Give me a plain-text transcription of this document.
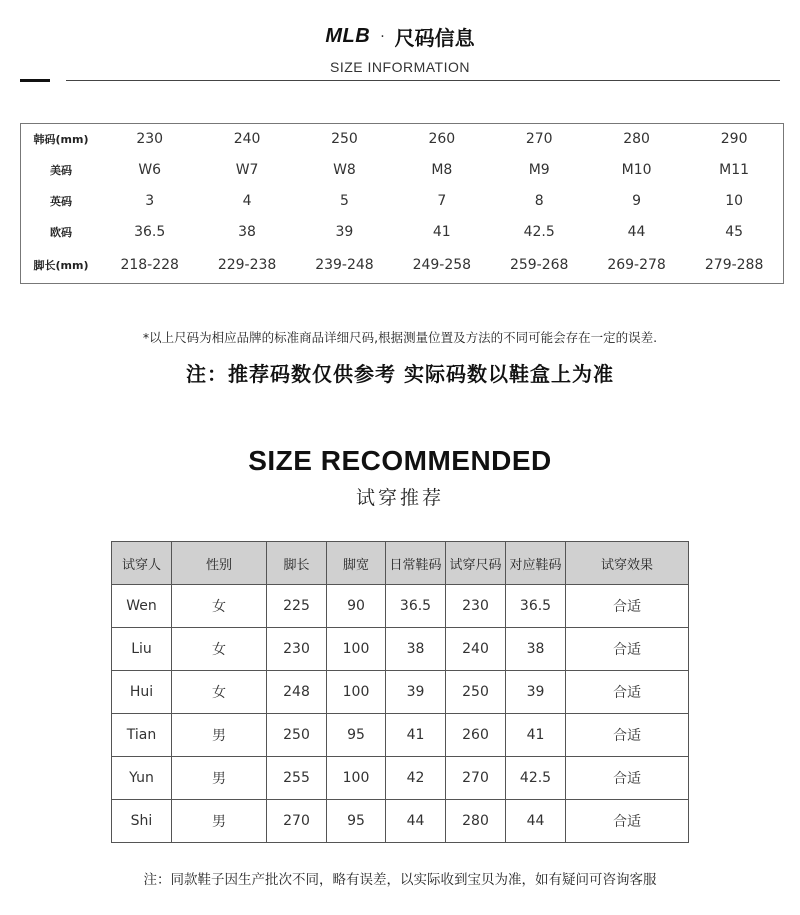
MLB · 尺码信息
SIZE INFORMATION
韩码(mm)	230	240	250	260	270	280	290
美码	W6	W7	W8	M8	M9	M10	M11
英码	3	4	5	7	8	9	10
欧码	36.5	38	39	41	42.5	44	45
脚长(mm)	218-228	229-238	239-248	249-258	259-268	269-278	279-288
*以上尺码为相应品牌的标准商品详细尺码,根据测量位置及方法的不同可能会存在一定的误差.
注：推荐码数仅供参考 实际码数以鞋盒上为准
SIZE RECOMMENDED
试穿推荐
试穿人	性别	脚长	脚宽	日常鞋码	试穿尺码	对应鞋码	试穿效果
Wen	女	225	90	36.5	230	36.5	合适
Liu	女	230	100	38	240	38	合适
Hui	女	248	100	39	250	39	合适
Tian	男	250	95	41	260	41	合适
Yun	男	255	100	42	270	42.5	合适
Shi	男	270	95	44	280	44	合适
注：同款鞋子因生产批次不同，略有误差，以实际收到宝贝为准，如有疑问可咨询客服
